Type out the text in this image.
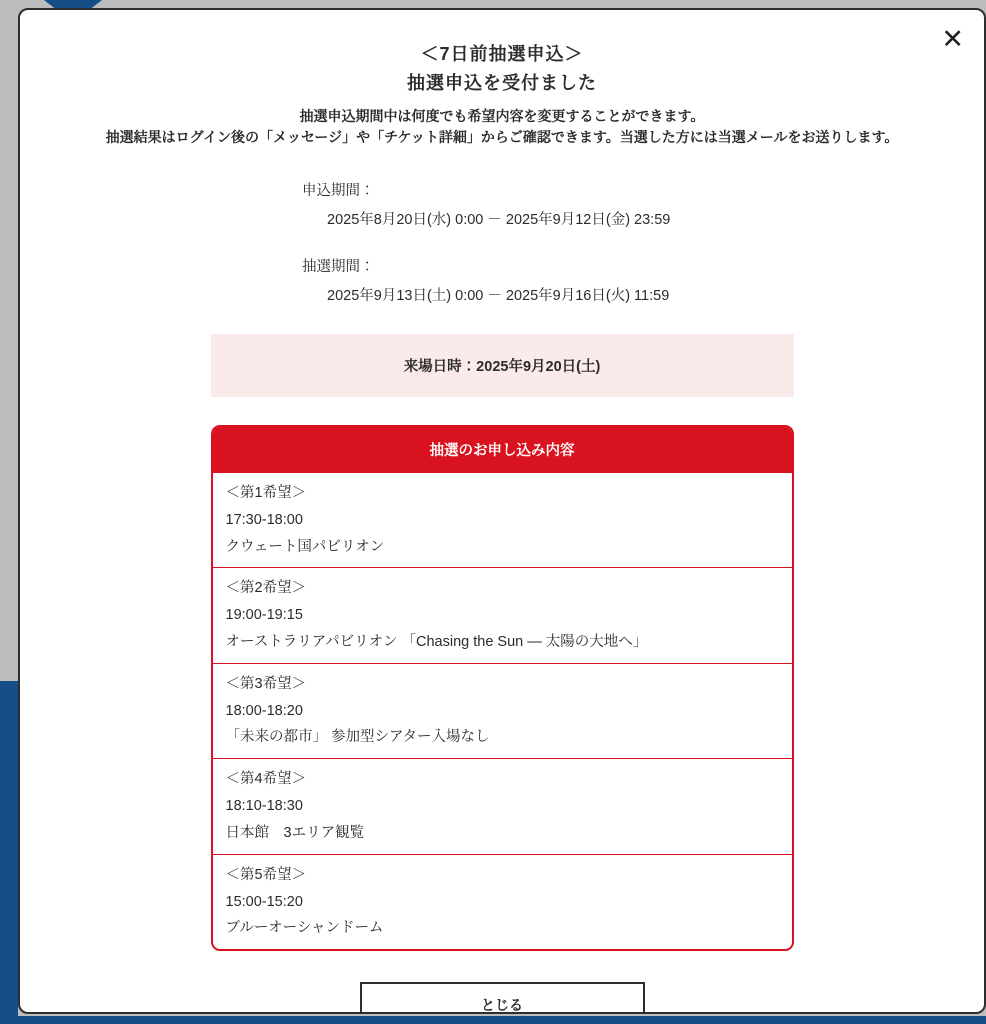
✕
＜7日前抽選申込＞
抽選申込を受付ました
抽選申込期間中は何度でも希望内容を変更することができます。
抽選結果はログイン後の「メッセージ」や「チケット詳細」からご確認できます。当選した方には当選メールをお送りします。
申込期間：
2025年8月20日(水) 0:00 － 2025年9月12日(金) 23:59
抽選期間：
2025年9月13日(土) 0:00 － 2025年9月16日(火) 11:59
来場日時：2025年9月20日(土)
抽選のお申し込み内容
＜第1希望＞
17:30-18:00
クウェート国パビリオン
＜第2希望＞
19:00-19:15
オーストラリアパビリオン 「Chasing the Sun ― 太陽の大地へ」
＜第3希望＞
18:00-18:20
「未来の都市」 参加型シアター入場なし
＜第4希望＞
18:10-18:30
日本館　3エリア観覧
＜第5希望＞
15:00-15:20
ブルーオーシャンドーム
とじる
